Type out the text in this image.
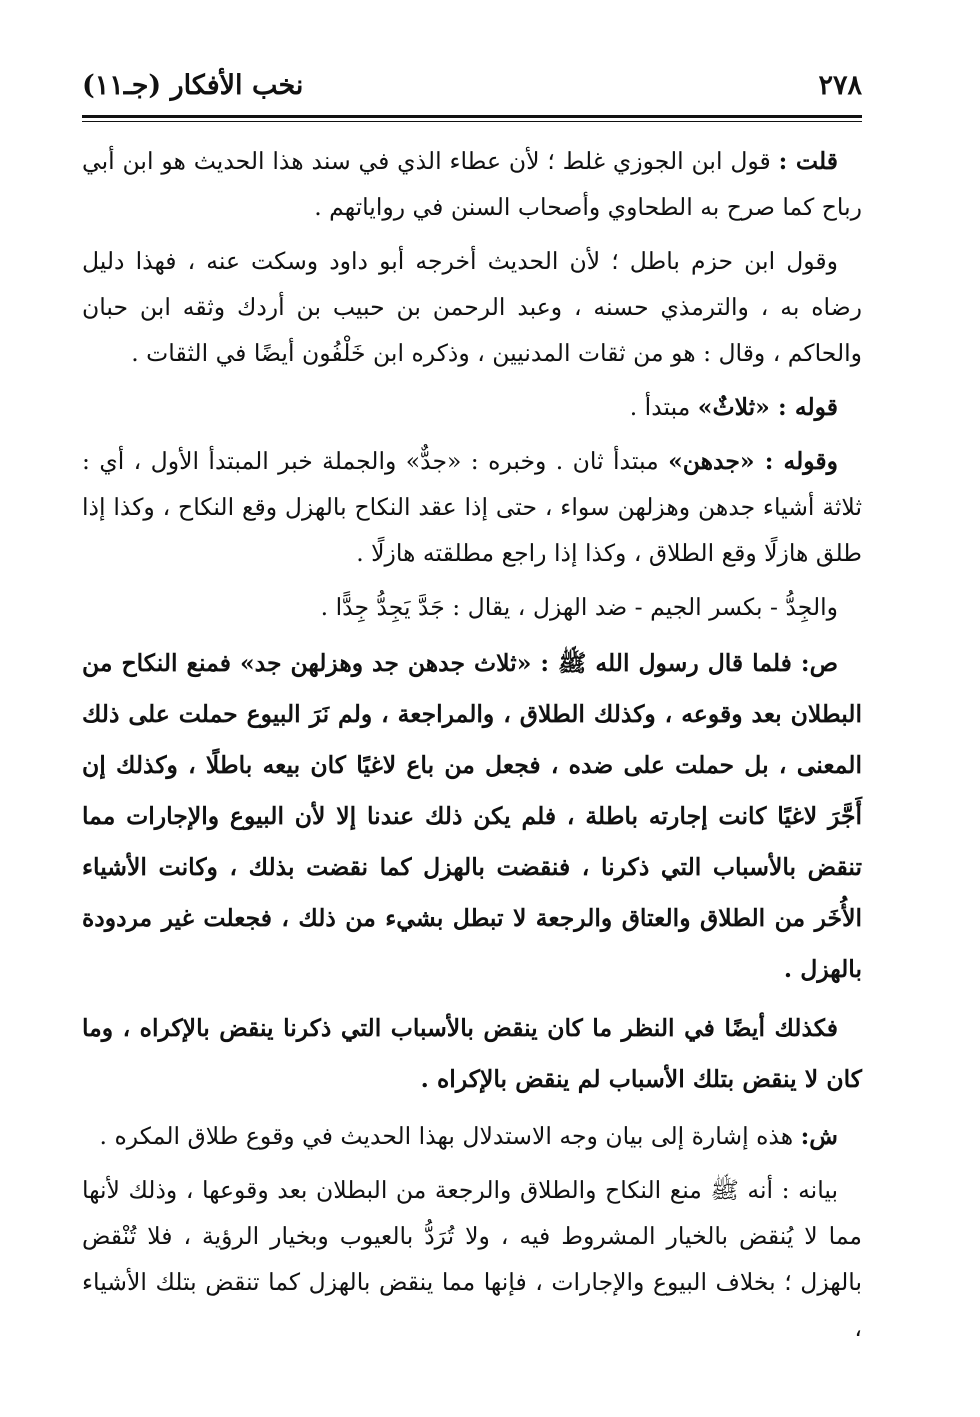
٢٧٨
نخب الأفكار (جـ١١)

قلت : قول ابن الجوزي غلط ؛ لأن عطاء الذي في سند هذا الحديث هو ابن أبي رباح كما صرح به الطحاوي وأصحاب السنن في رواياتهم .

وقول ابن حزم باطل ؛ لأن الحديث أخرجه أبو داود وسكت عنه ، فهذا دليل رضاه به ، والترمذي حسنه ، وعبد الرحمن بن حبيب بن أردك وثقه ابن حبان والحاكم ، وقال : هو من ثقات المدنيين ، وذكره ابن خَلْفُون أيضًا في الثقات .

قوله : «ثلاثٌ» مبتدأ .

وقوله : «جدهن» مبتدأ ثان . وخبره : «جدٌّ» والجملة خبر المبتدأ الأول ، أي : ثلاثة أشياء جدهن وهزلهن سواء ، حتى إذا عقد النكاح بالهزل وقع النكاح ، وكذا إذا طلق هازلًا وقع الطلاق ، وكذا إذا راجع مطلقته هازلًا .

والجِدُّ - بكسر الجيم - ضد الهزل ، يقال : جَدَّ يَجِدُّ جِدًّا .

ص: فلما قال رسول الله ﷺ : «ثلاث جدهن جد وهزلهن جد» فمنع النكاح من البطلان بعد وقوعه ، وكذلك الطلاق ، والمراجعة ، ولم نَرَ البيوع حملت على ذلك المعنى ، بل حملت على ضده ، فجعل من باع لاغيًا كان بيعه باطلًا ، وكذلك إن أَجَّرَ لاغيًا كانت إجارته باطلة ، فلم يكن ذلك عندنا إلا لأن البيوع والإجارات مما تنقض بالأسباب التي ذكرنا ، فنقضت بالهزل كما نقضت بذلك ، وكانت الأشياء الأُخَر من الطلاق والعتاق والرجعة لا تبطل بشيء من ذلك ، فجعلت غير مردودة بالهزل .

فكذلك أيضًا في النظر ما كان ينقض بالأسباب التي ذكرنا ينقض بالإكراه ، وما كان لا ينقض بتلك الأسباب لم ينقض بالإكراه .

ش: هذه إشارة إلى بيان وجه الاستدلال بهذا الحديث في وقوع طلاق المكره .

بيانه : أنه ﷺ منع النكاح والطلاق والرجعة من البطلان بعد وقوعها ، وذلك لأنها مما لا يُنقض بالخيار المشروط فيه ، ولا تُرَدُّ بالعيوب وبخيار الرؤية ، فلا تُنْقض بالهزل ؛ بخلاف البيوع والإجارات ، فإنها مما ينقض بالهزل كما تنقض بتلك الأشياء ،
